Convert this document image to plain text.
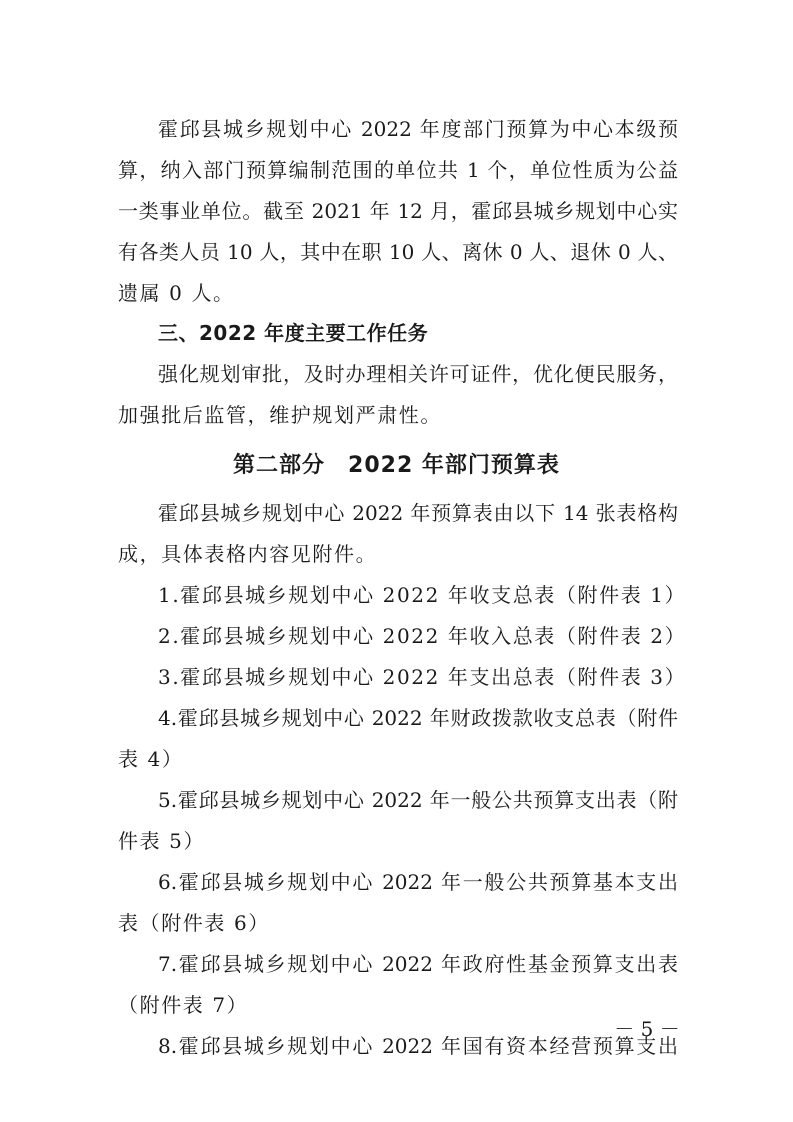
霍邱县城乡规划中心 2022 年度部门预算为中心本级预
算，纳入部门预算编制范围的单位共 1 个，单位性质为公益
一类事业单位。截至 2021 年 12 月，霍邱县城乡规划中心实
有各类人员 10 人，其中在职 10 人、离休 0 人、退休 0 人、
遗属 0 人。
三、2022 年度主要工作任务
强化规划审批，及时办理相关许可证件，优化便民服务，
加强批后监管，维护规划严肃性。
第二部分　2022 年部门预算表
霍邱县城乡规划中心 2022 年预算表由以下 14 张表格构
成，具体表格内容见附件。
1.霍邱县城乡规划中心 2022 年收支总表（附件表 1）
2.霍邱县城乡规划中心 2022 年收入总表（附件表 2）
3.霍邱县城乡规划中心 2022 年支出总表（附件表 3）
4.霍邱县城乡规划中心 2022 年财政拨款收支总表（附件
表 4）
5.霍邱县城乡规划中心 2022 年一般公共预算支出表（附
件表 5）
6.霍邱县城乡规划中心 2022 年一般公共预算基本支出
表（附件表 6）
7.霍邱县城乡规划中心 2022 年政府性基金预算支出表
（附件表 7）
8.霍邱县城乡规划中心 2022 年国有资本经营预算支出
－ 5 －
